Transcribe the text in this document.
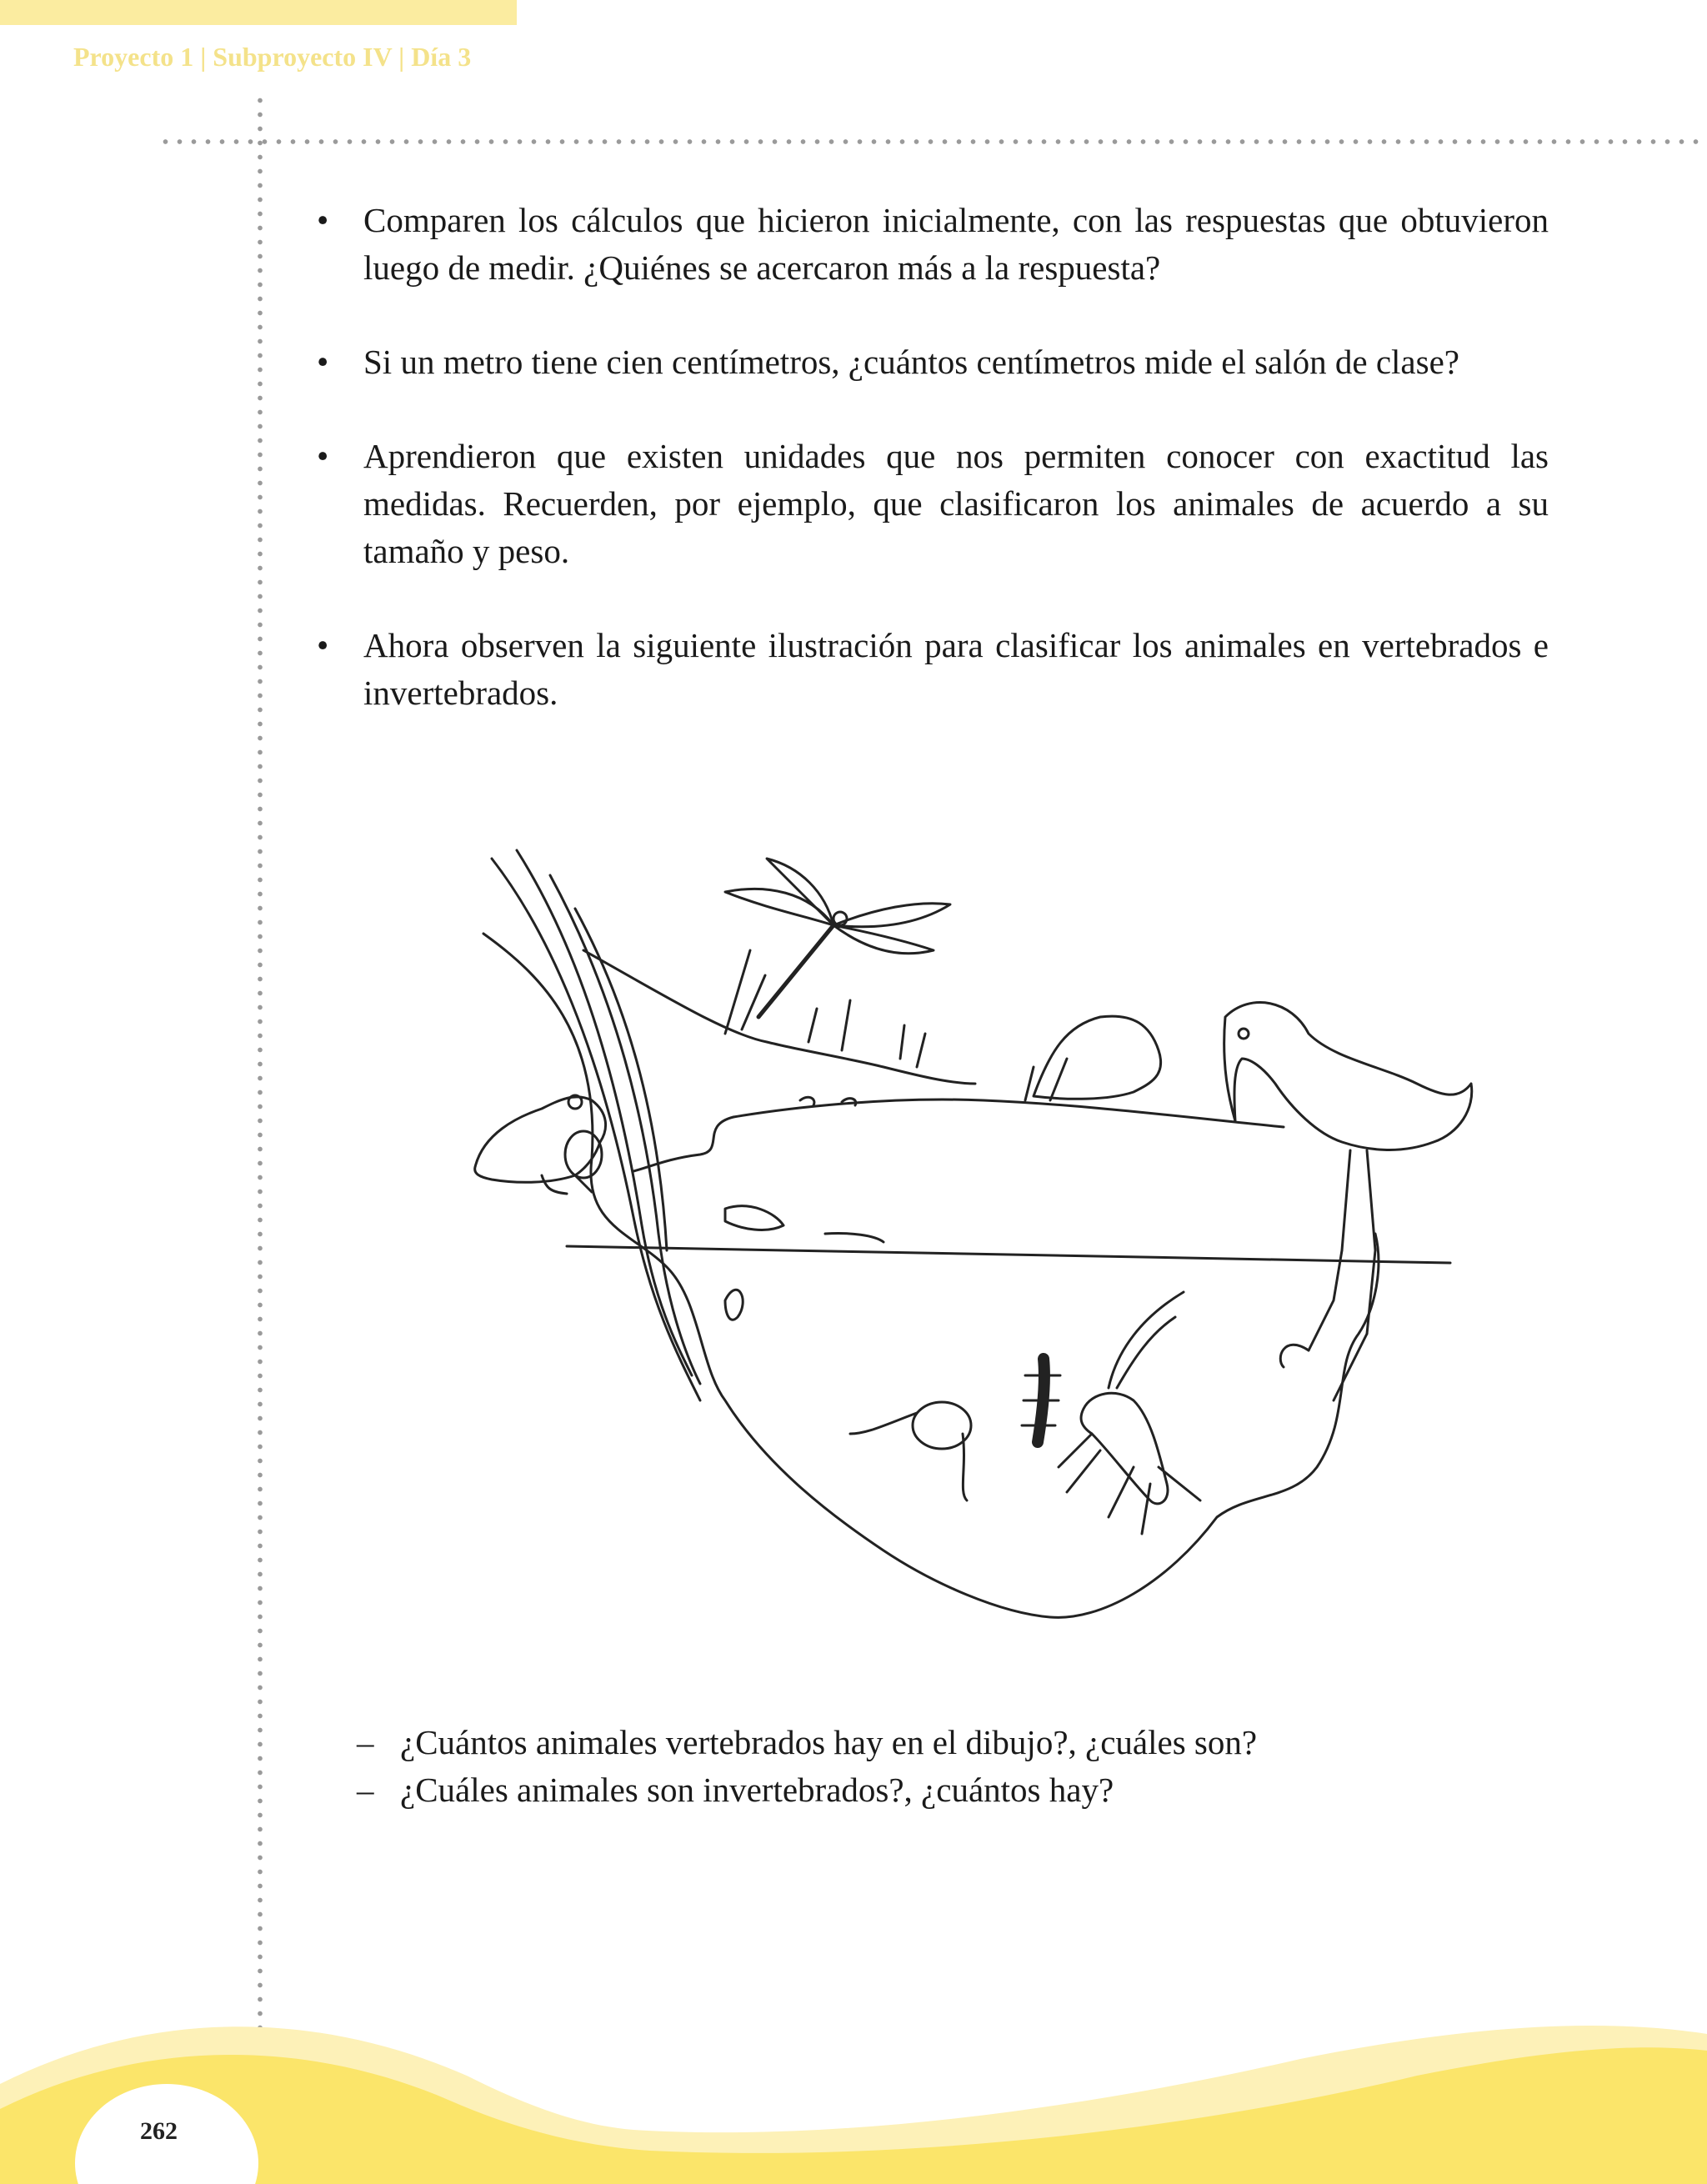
Proyecto 1 | Subproyecto IV | Día 3
• Comparen los cálculos que hicieron inicialmente, con las respuestas que obtuvieron luego de medir. ¿Quiénes se acercaron más a la respuesta?
• Si un metro tiene cien centímetros, ¿cuántos centímetros mide el salón de clase?
• Aprendieron que existen unidades que nos permiten conocer con exactitud las medidas. Recuerden, por ejemplo, que clasificaron los animales de acuerdo a su tamaño y peso.
• Ahora observen la siguiente ilustración para clasificar los animales en vertebrados e invertebrados.
– ¿Cuántos animales vertebrados hay en el dibujo?, ¿cuáles son?
– ¿Cuáles animales son invertebrados?, ¿cuántos hay?
262
